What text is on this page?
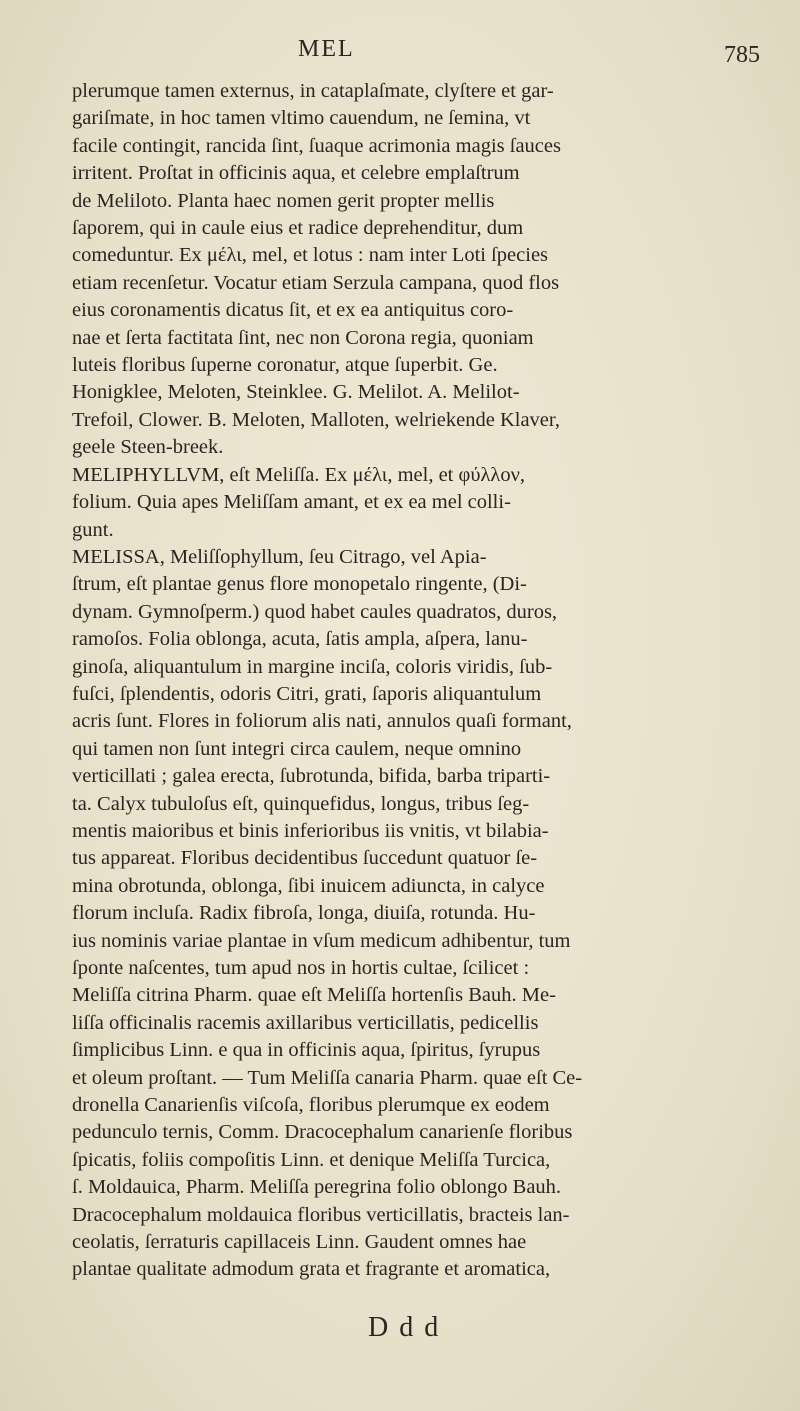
MEL	785
plerumque tamen externus, in cataplaſmate, clyſtere et gar-
gariſmate, in hoc tamen vltimo cauendum, ne ſemina, vt
facile contingit, rancida ſint, ſuaque acrimonia magis ſauces
irritent. Proſtat in officinis aqua, et celebre emplaſtrum
de Meliloto. Planta haec nomen gerit propter mellis
ſaporem, qui in caule eius et radice deprehenditur, dum
comeduntur. Ex μέλι, mel, et lotus : nam inter Loti ſpecies
etiam recenſetur. Vocatur etiam Serzula campana, quod flos
eius coronamentis dicatus ſit, et ex ea antiquitus coro-
nae et ſerta factitata ſint, nec non Corona regia, quoniam
luteis floribus ſuperne coronatur, atque ſuperbit. Ge.
Honigklee, Meloten, Steinklee. G. Melilot. A. Melilot-
Trefoil, Clower. B. Meloten, Malloten, welriekende Klaver,
geele Steen-breek.
MELIPHYLLVM, eſt Meliſſa. Ex μέλι, mel, et φύλλον,
folium. Quia apes Meliſſam amant, et ex ea mel colli-
gunt.
MELISSA, Meliſſophyllum, ſeu Citrago, vel Apia-
ſtrum, eſt plantae genus flore monopetalo ringente, (Di-
dynam. Gymnoſperm.) quod habet caules quadratos, duros,
ramoſos. Folia oblonga, acuta, ſatis ampla, aſpera, lanu-
ginoſa, aliquantulum in margine inciſa, coloris viridis, ſub-
fuſci, ſplendentis, odoris Citri, grati, ſaporis aliquantulum
acris ſunt. Flores in foliorum alis nati, annulos quaſi formant,
qui tamen non ſunt integri circa caulem, neque omnino
verticillati ; galea erecta, ſubrotunda, bifida, barba triparti-
ta. Calyx tubuloſus eſt, quinquefidus, longus, tribus ſeg-
mentis maioribus et binis inferioribus iis vnitis, vt bilabia-
tus appareat. Floribus decidentibus ſuccedunt quatuor ſe-
mina obrotunda, oblonga, ſibi inuicem adiuncta, in calyce
florum incluſa. Radix fibroſa, longa, diuiſa, rotunda. Hu-
ius nominis variae plantae in vſum medicum adhibentur, tum
ſponte naſcentes, tum apud nos in hortis cultae, ſcilicet :
Meliſſa citrina Pharm. quae eſt Meliſſa hortenſis Bauh. Me-
liſſa officinalis racemis axillaribus verticillatis, pedicellis
ſimplicibus Linn. e qua in officinis aqua, ſpiritus, ſyrupus
et oleum proſtant. — Tum Meliſſa canaria Pharm. quae eſt Ce-
dronella Canarienſis viſcoſa, floribus plerumque ex eodem
pedunculo ternis, Comm. Dracocephalum canarienſe floribus
ſpicatis, foliis compoſitis Linn. et denique Meliſſa Turcica,
ſ. Moldauica, Pharm. Meliſſa peregrina folio oblongo Bauh.
Dracocephalum moldauica floribus verticillatis, bracteis lan-
ceolatis, ſerraturis capillaceis Linn. Gaudent omnes hae
plantae qualitate admodum grata et fragrante et aromatica,
D d d
